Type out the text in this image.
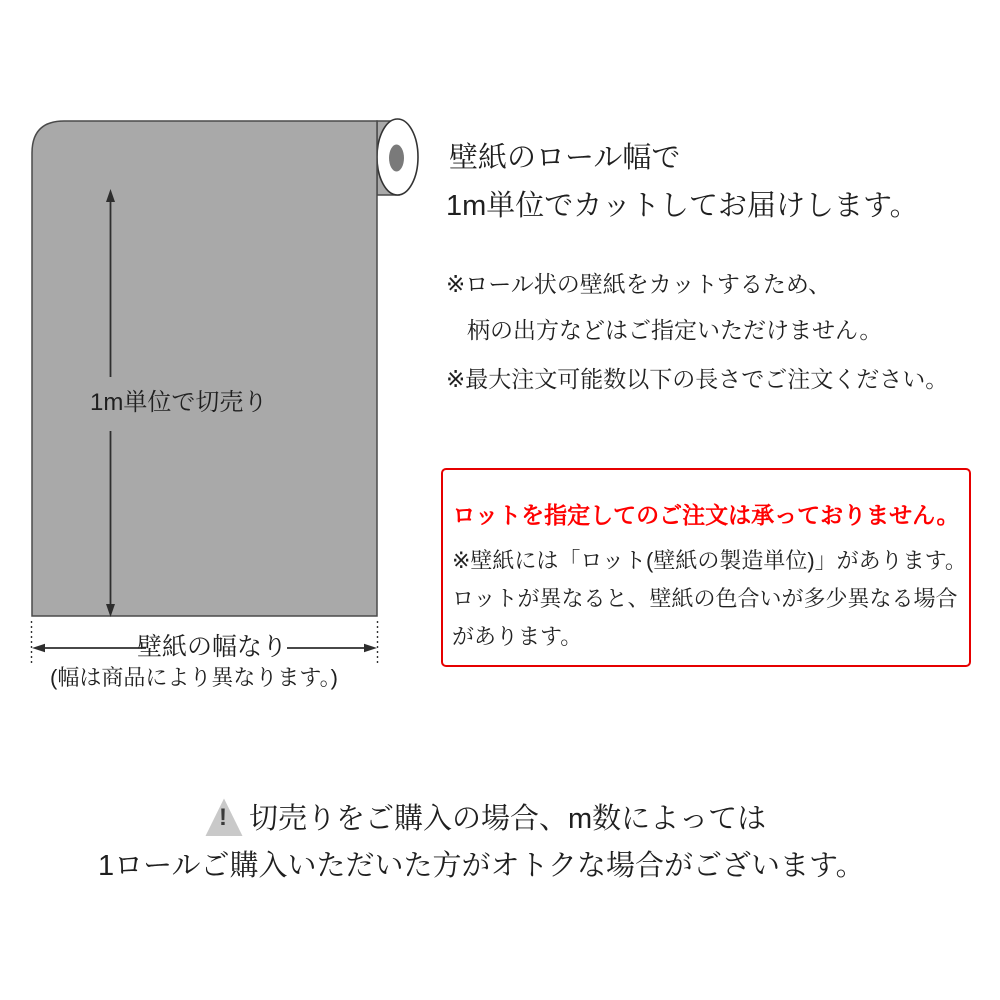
1m単位で切売り
壁紙の幅なり
(幅は商品により異なります。)
壁紙のロール幅で
1m単位でカットしてお届けします。
※ロール状の壁紙をカットするため、
柄の出方などはご指定いただけません。
※最大注文可能数以下の長さでご注文ください。
ロットを指定してのご注文は承っておりません。
※壁紙には「ロット(壁紙の製造単位)」があります。
ロットが異なると、壁紙の色合いが多少異なる場合
があります。
! 切売りをご購入の場合、m数によっては
1ロールご購入いただいた方がオトクな場合がございます。
